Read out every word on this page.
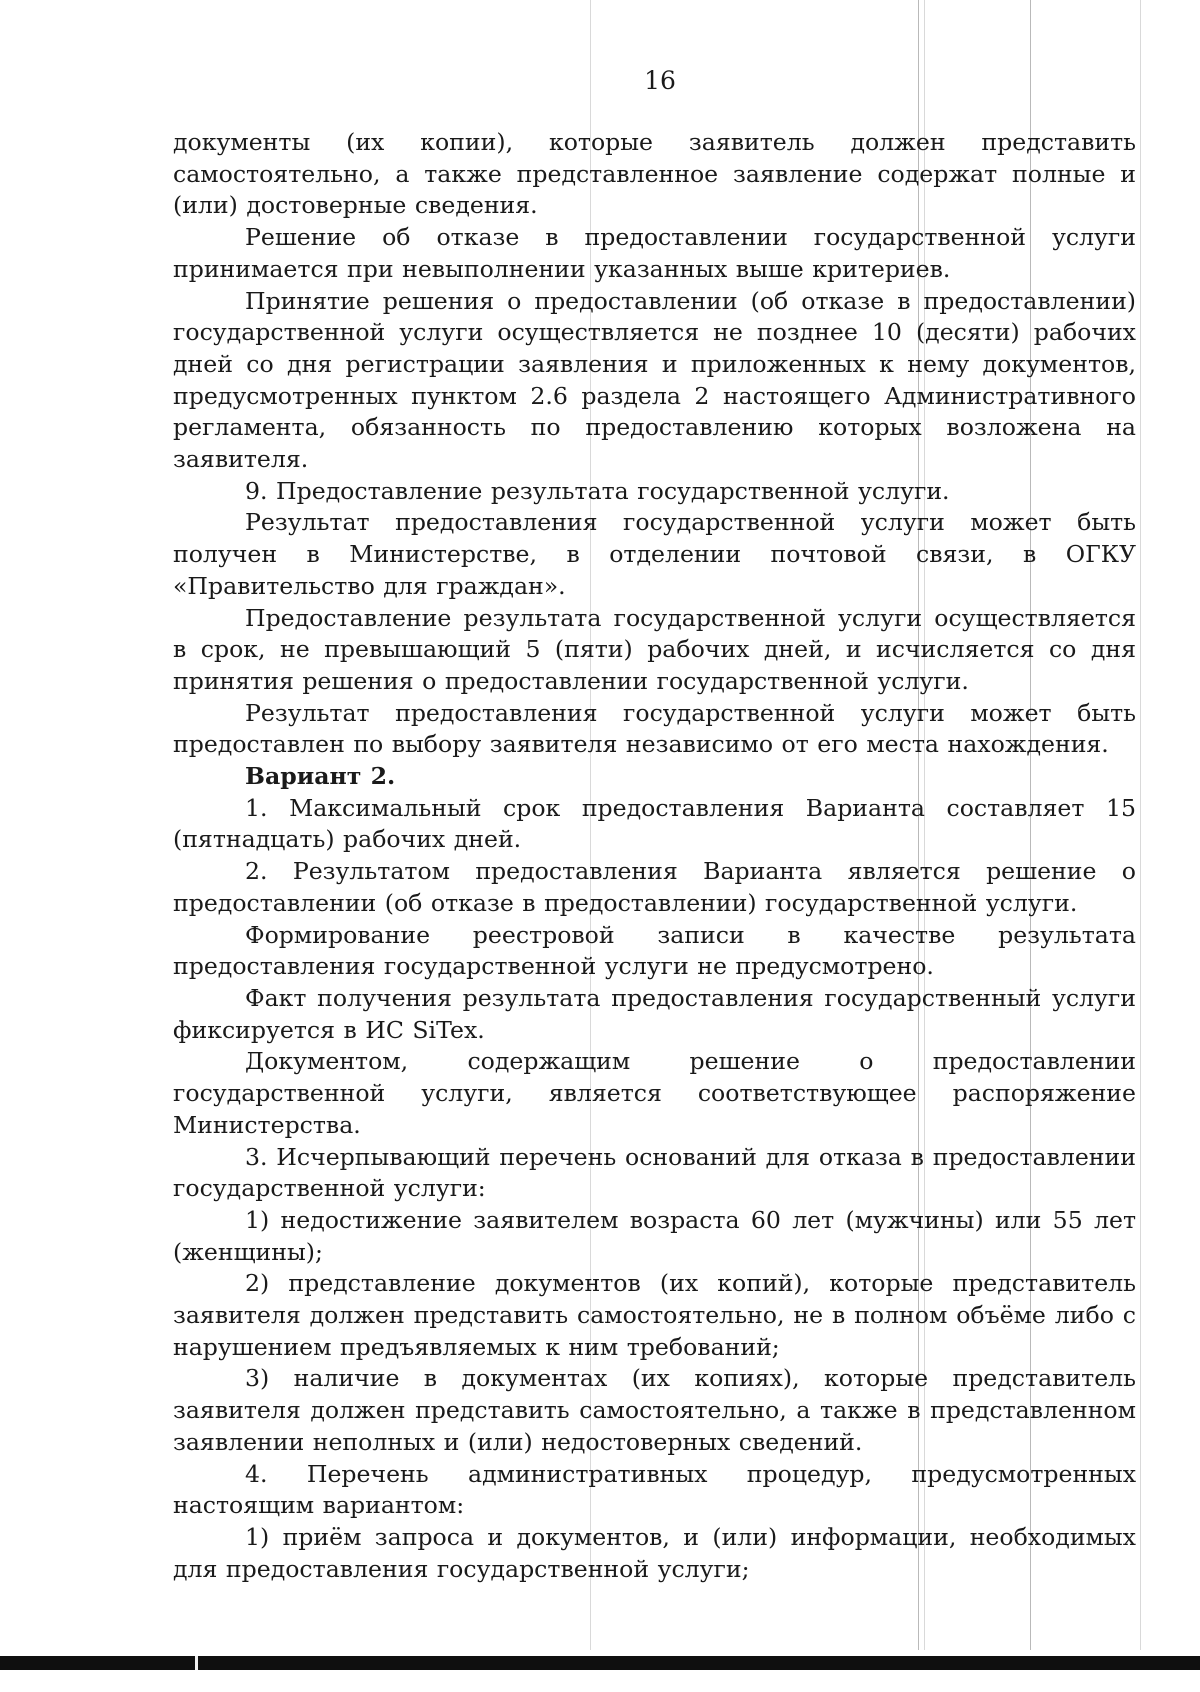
16

документы (их копии), которые заявитель должен представить самостоятельно, а также представленное заявление содержат полные и (или) достоверные сведения.

Решение об отказе в предоставлении государственной услуги принимается при невыполнении указанных выше критериев.

Принятие решения о предоставлении (об отказе в предоставлении) государственной услуги осуществляется не позднее 10 (десяти) рабочих дней со дня регистрации заявления и приложенных к нему документов, предусмотренных пунктом 2.6 раздела 2 настоящего Административного регламента, обязанность по предоставлению которых возложена на заявителя.

9. Предоставление результата государственной услуги.

Результат предоставления государственной услуги может быть получен в Министерстве, в отделении почтовой связи, в ОГКУ «Правительство для граждан».

Предоставление результата государственной услуги осуществляется в срок, не превышающий 5 (пяти) рабочих дней, и исчисляется со дня принятия решения о предоставлении государственной услуги.

Результат предоставления государственной услуги может быть предоставлен по выбору заявителя независимо от его места нахождения.

Вариант 2.

1. Максимальный срок предоставления Варианта составляет 15 (пятнадцать) рабочих дней.

2. Результатом предоставления Варианта является решение о предоставлении (об отказе в предоставлении) государственной услуги.

Формирование реестровой записи в качестве результата предоставления государственной услуги не предусмотрено.

Факт получения результата предоставления государственный услуги фиксируется в ИС SiTex.

Документом, содержащим решение о предоставлении государственной услуги, является соответствующее распоряжение Министерства.

3. Исчерпывающий перечень оснований для отказа в предоставлении государственной услуги:

1) недостижение заявителем возраста 60 лет (мужчины) или 55 лет (женщины);

2) представление документов (их копий), которые представитель заявителя должен представить самостоятельно, не в полном объёме либо с нарушением предъявляемых к ним требований;

3) наличие в документах (их копиях), которые представитель заявителя должен представить самостоятельно, а также в представленном заявлении неполных и (или) недостоверных сведений.

4. Перечень административных процедур, предусмотренных настоящим вариантом:

1) приём запроса и документов, и (или) информации, необходимых для предоставления государственной услуги;
